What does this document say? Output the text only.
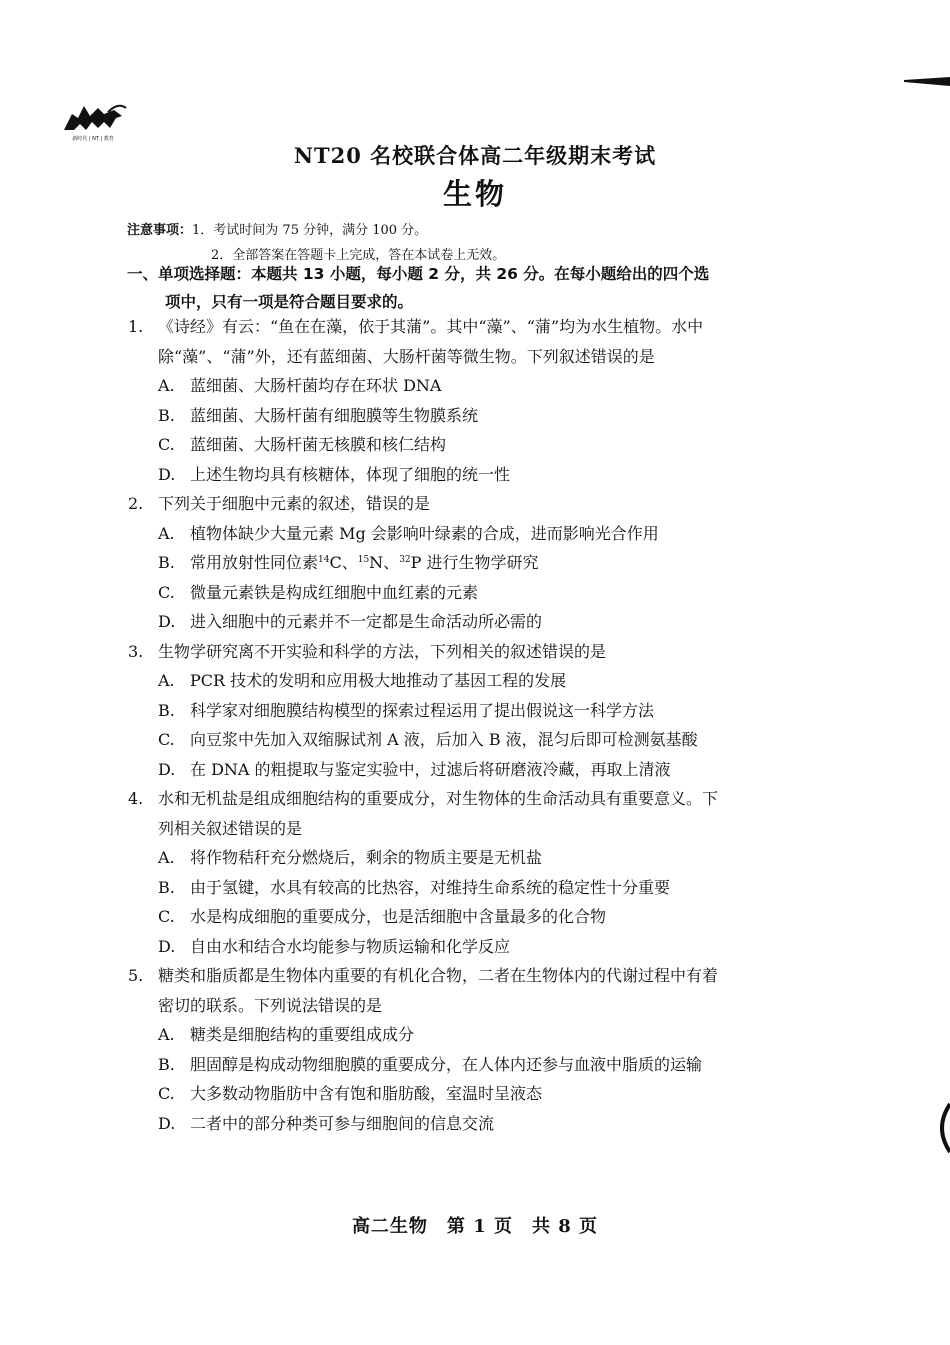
新时代 | NT | 教育
NT20 名校联合体高二年级期末考试
生物
注意事项：1．考试时间为 75 分钟，满分 100 分。
2．全部答案在答题卡上完成，答在本试卷上无效。
一、单项选择题：本题共 13 小题，每小题 2 分，共 26 分。在每小题给出的四个选
项中，只有一项是符合题目要求的。
1. 《诗经》有云：“鱼在在藻，依于其蒲”。其中“藻”、“蒲”均为水生植物。水中
除“藻”、“蒲”外，还有蓝细菌、大肠杆菌等微生物。下列叙述错误的是
A. 蓝细菌、大肠杆菌均存在环状 DNA
B. 蓝细菌、大肠杆菌有细胞膜等生物膜系统
C. 蓝细菌、大肠杆菌无核膜和核仁结构
D. 上述生物均具有核糖体，体现了细胞的统一性
2. 下列关于细胞中元素的叙述，错误的是
A. 植物体缺少大量元素 Mg 会影响叶绿素的合成，进而影响光合作用
B. 常用放射性同位素$^{14}$C、$^{15}$N、$^{32}$P 进行生物学研究
C. 微量元素铁是构成红细胞中血红素的元素
D. 进入细胞中的元素并不一定都是生命活动所必需的
3. 生物学研究离不开实验和科学的方法，下列相关的叙述错误的是
A. PCR 技术的发明和应用极大地推动了基因工程的发展
B. 科学家对细胞膜结构模型的探索过程运用了提出假说这一科学方法
C. 向豆浆中先加入双缩脲试剂 A 液，后加入 B 液，混匀后即可检测氨基酸
D. 在 DNA 的粗提取与鉴定实验中，过滤后将研磨液冷藏，再取上清液
4. 水和无机盐是组成细胞结构的重要成分，对生物体的生命活动具有重要意义。下
列相关叙述错误的是
A. 将作物秸秆充分燃烧后，剩余的物质主要是无机盐
B. 由于氢键，水具有较高的比热容，对维持生命系统的稳定性十分重要
C. 水是构成细胞的重要成分，也是活细胞中含量最多的化合物
D. 自由水和结合水均能参与物质运输和化学反应
5. 糖类和脂质都是生物体内重要的有机化合物，二者在生物体内的代谢过程中有着
密切的联系。下列说法错误的是
A. 糖类是细胞结构的重要组成成分
B. 胆固醇是构成动物细胞膜的重要成分，在人体内还参与血液中脂质的运输
C. 大多数动物脂肪中含有饱和脂肪酸，室温时呈液态
D. 二者中的部分种类可参与细胞间的信息交流
高二生物　第 1 页　共 8 页
